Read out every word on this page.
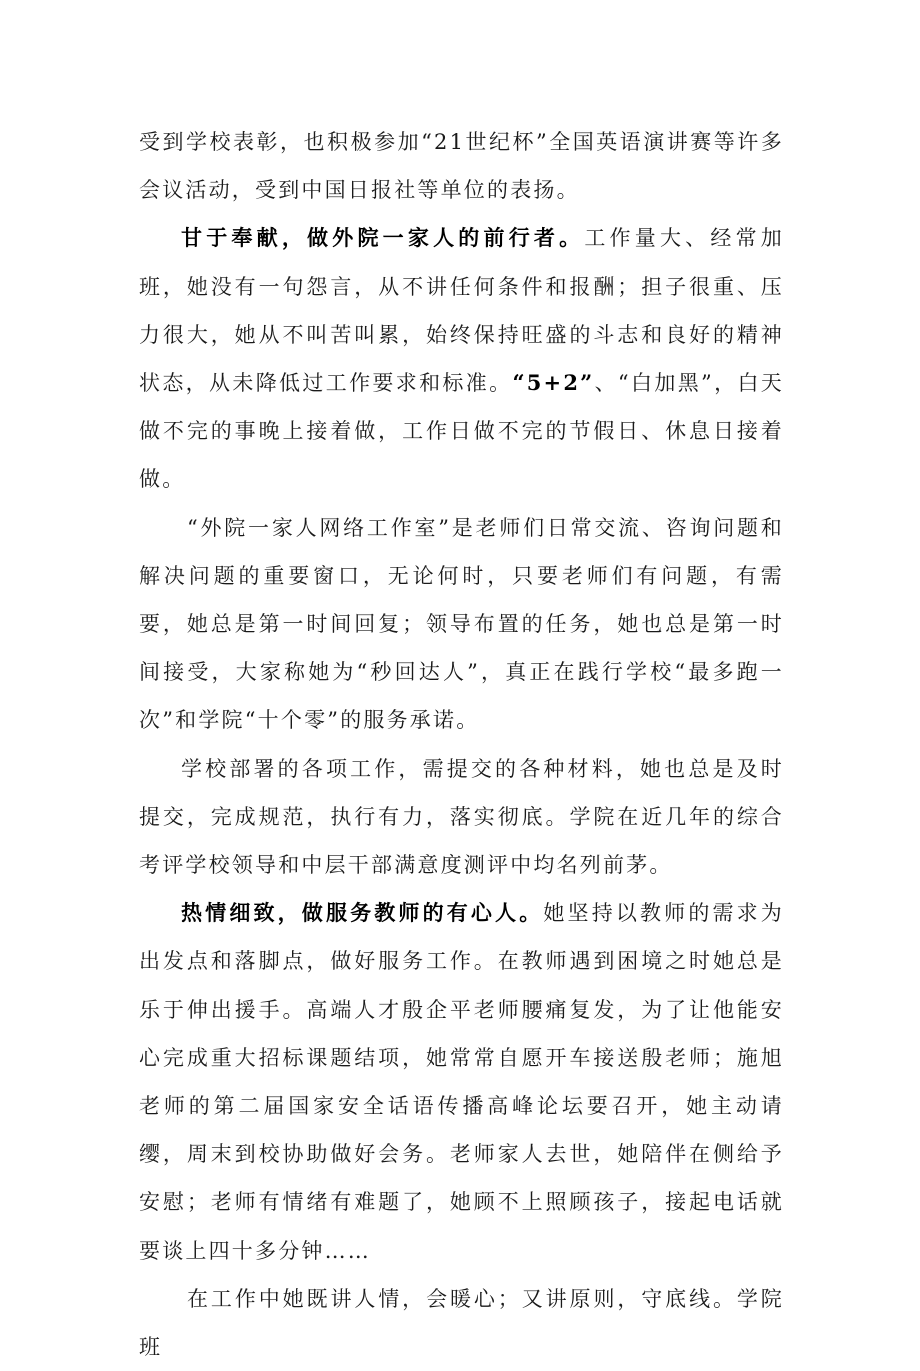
受到学校表彰，也积极参加“21世纪杯”全国英语演讲赛等许多会议活动，受到中国日报社等单位的表扬。

甘于奉献，做外院一家人的前行者。工作量大、经常加班，她没有一句怨言，从不讲任何条件和报酬；担子很重、压力很大，她从不叫苦叫累，始终保持旺盛的斗志和良好的精神状态，从未降低过工作要求和标准。“5+2”、“白加黑”，白天做不完的事晚上接着做，工作日做不完的节假日、休息日接着做。

“外院一家人网络工作室”是老师们日常交流、咨询问题和解决问题的重要窗口，无论何时，只要老师们有问题，有需要，她总是第一时间回复；领导布置的任务，她也总是第一时间接受，大家称她为“秒回达人”，真正在践行学校“最多跑一次”和学院“十个零”的服务承诺。

学校部署的各项工作，需提交的各种材料，她也总是及时提交，完成规范，执行有力，落实彻底。学院在近几年的综合考评学校领导和中层干部满意度测评中均名列前茅。

热情细致，做服务教师的有心人。她坚持以教师的需求为出发点和落脚点，做好服务工作。在教师遇到困境之时她总是乐于伸出援手。高端人才殷企平老师腰痛复发，为了让他能安心完成重大招标课题结项，她常常自愿开车接送殷老师；施旭老师的第二届国家安全话语传播高峰论坛要召开，她主动请缨，周末到校协助做好会务。老师家人去世，她陪伴在侧给予安慰；老师有情绪有难题了，她顾不上照顾孩子，接起电话就要谈上四十多分钟……

在工作中她既讲人情，会暖心；又讲原则，守底线。学院班
